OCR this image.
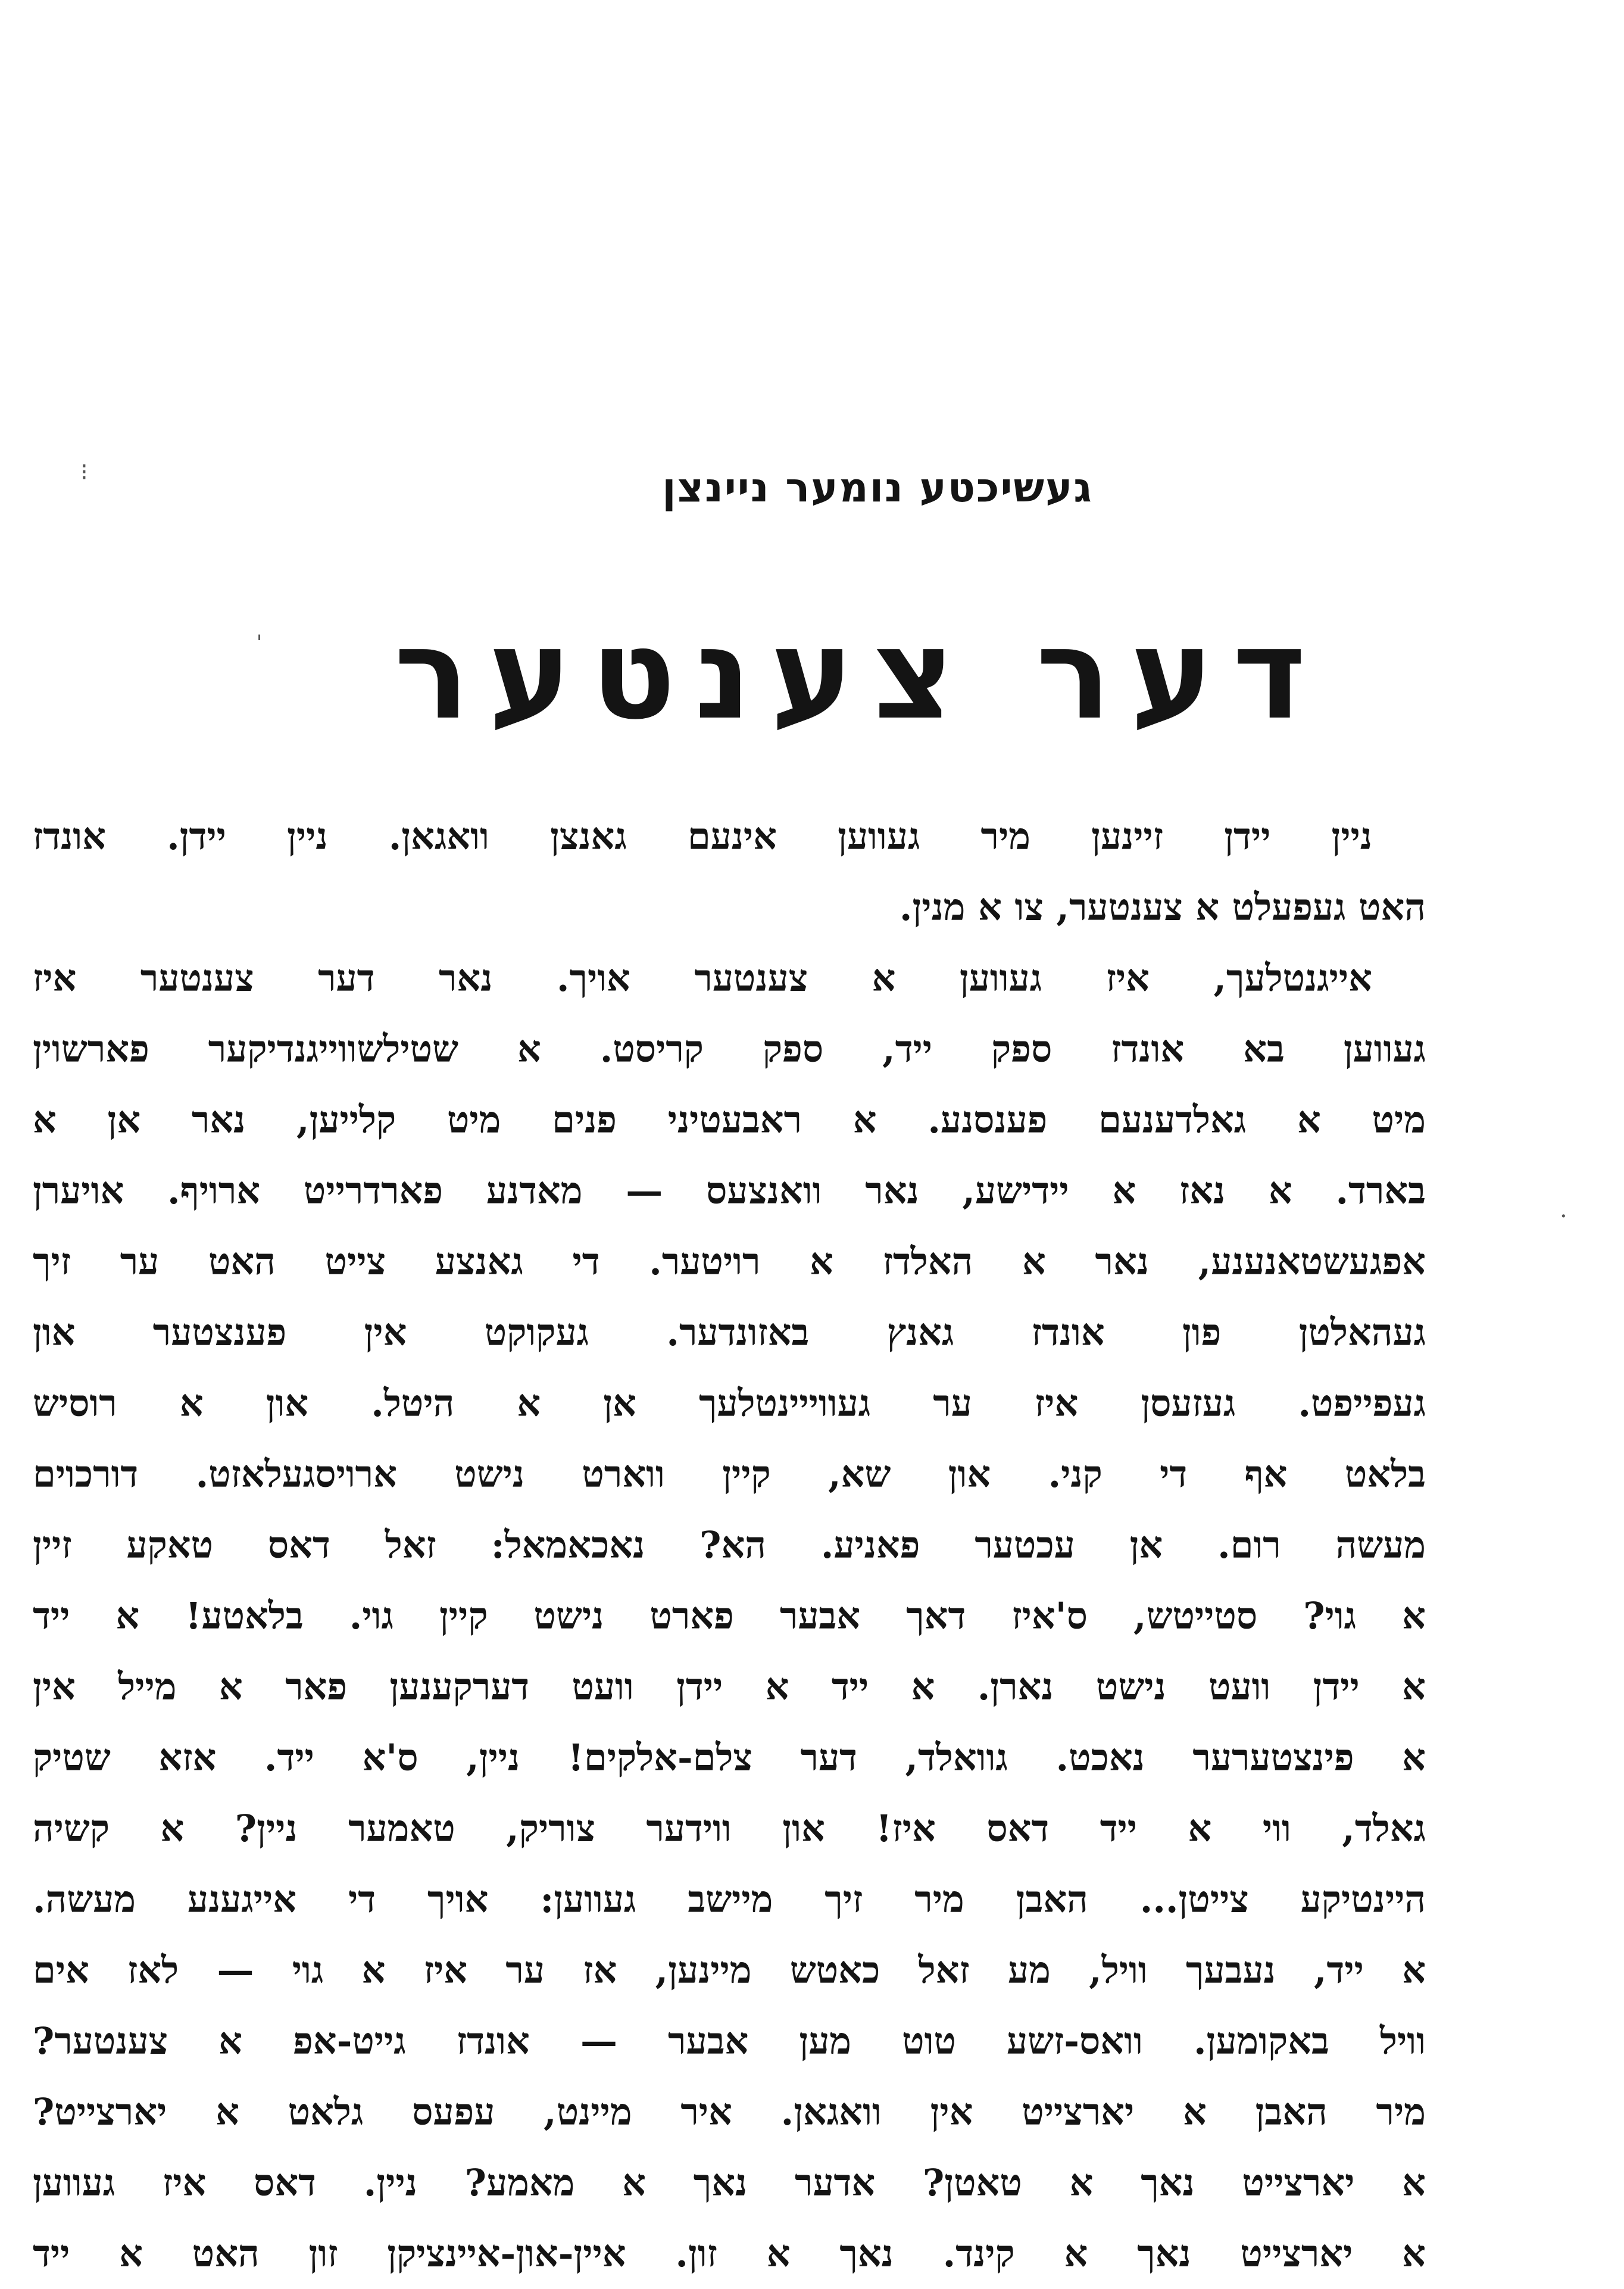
⁝
ˈ
·
געשיכטע נומער ניינצן
דער צענטער
ניין יידן זיינען מיר געווען אינעם גאנצן וואגאן. ניין יידן. אונדז
האט געפעלט א צענטער, צו א מנין.
אייגנטלעך, איז געווען א צענטער אויך. נאר דער צענטער איז
געווען בא אונדז ספק ייד, ספק קריסט. א שטילשווייגנדיקער פארשוין
מיט א גאלדענעם פענסנע. א ראבעטיני פנים מיט קלייען, נאר אן א
בארד. א נאז א יידישע, נאר וואנצעס — מאדנע פארדרייט ארויף. אויערן
אפגעשטאנענע, נאר א האלדז א רויטער. די גאנצע צייט האט ער זיך
געהאלטן פון אונדז גאנץ באזונדער. געקוקט אין פענצטער און
געפייפט. געזעסן איז ער געווייינטלעך אן א היטל. און א רוסיש
בלאט אף די קני. און שא, קיין ווארט נישט ארויסגעלאזט. דורכוים
מעשה רום. אן עכטער פאניע. הא? נאכאמאל: זאל דאס טאקע זיין
א גוי? סטייטש, ס'איז דאך אבער פארט נישט קיין גוי. בלאטע! א ייד
א יידן וועט נישט נארן. א ייד א יידן וועט דערקענען פאר א מייל אין
א פינצטערער נאכט. גוואלד, דער צלם-אלקים! ניין, ס'א ייד. אזא שטיק
גאלד, ווי א ייד דאס איז! און ווידער צוריק, טאמער ניין? א קשיה
היינטיקע צייטן... האבן מיר זיך מיישב געווען: אויך די אייגענע מעשה.
א ייד, נעבעך וויל, מע זאל כאטש מיינען, אז ער איז א גוי — לאז אים
וויל באקומען. וואס-זשע טוט מען אבער — אונדז גייט-אפ א צענטער?
מיר האבן א יארצייט אין וואגאן. איר מיינט, עפעס גלאט א יארצייט?
א יארצייט נאך א טאטן? אדער נאך א מאמע? ניין. דאס איז געווען
א יארצייט נאך א קינד. נאך א זון. איין-און-איינציקן זון האט א ייד
